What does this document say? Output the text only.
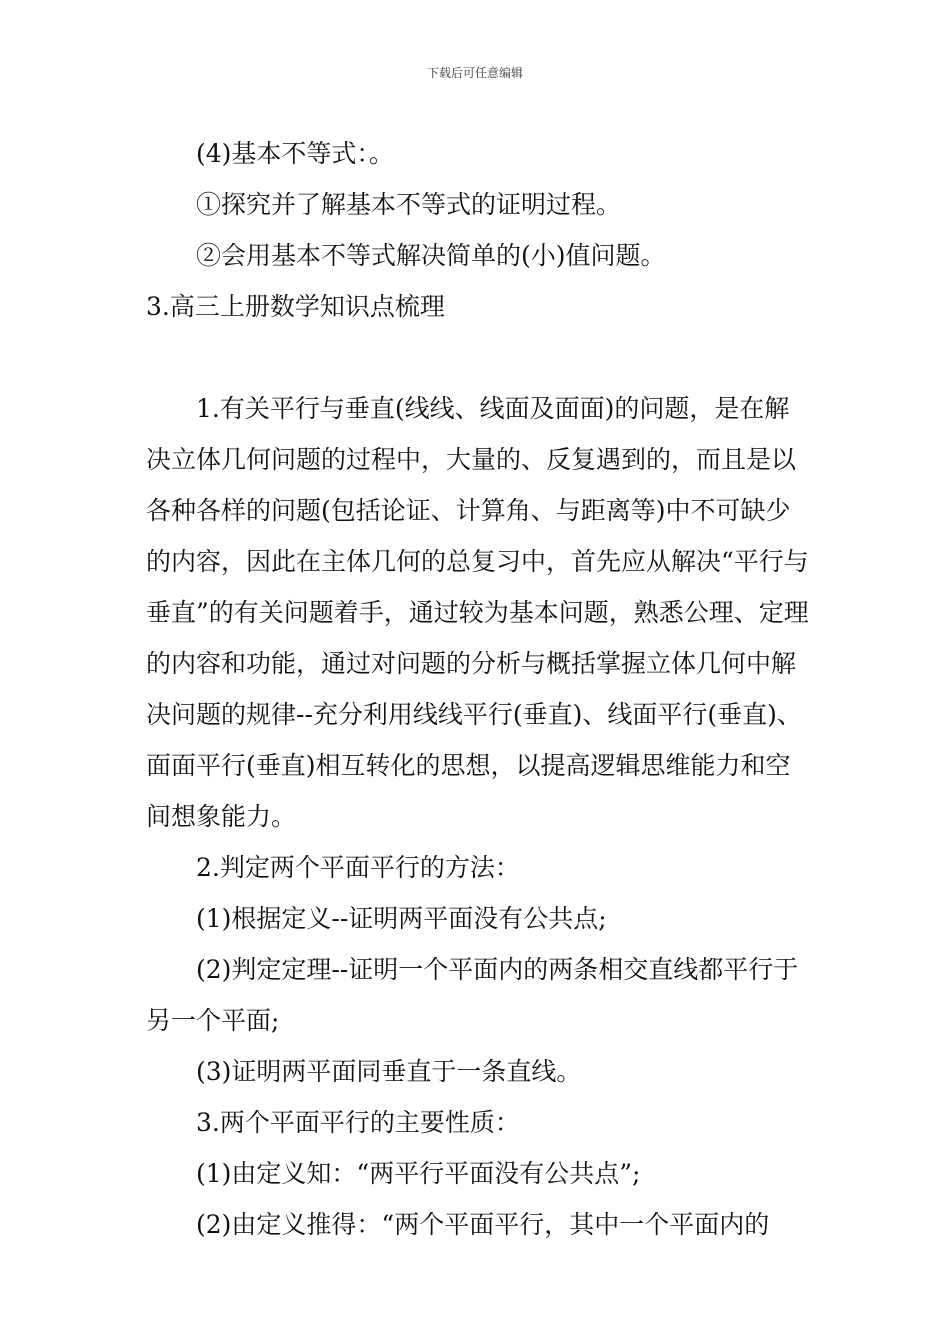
下载后可任意编辑

(4)基本不等式：。

①探究并了解基本不等式的证明过程。

②会用基本不等式解决简单的(小)值问题。

3.高三上册数学知识点梳理

1.有关平行与垂直(线线、线面及面面)的问题，是在解决立体几何问题的过程中，大量的、反复遇到的，而且是以各种各样的问题(包括论证、计算角、与距离等)中不可缺少的内容，因此在主体几何的总复习中，首先应从解决“平行与垂直”的有关问题着手，通过较为基本问题，熟悉公理、定理的内容和功能，通过对问题的分析与概括掌握立体几何中解决问题的规律--充分利用线线平行(垂直)、线面平行(垂直)、面面平行(垂直)相互转化的思想，以提高逻辑思维能力和空间想象能力。

2.判定两个平面平行的方法：

(1)根据定义--证明两平面没有公共点;

(2)判定定理--证明一个平面内的两条相交直线都平行于另一个平面;

(3)证明两平面同垂直于一条直线。

3.两个平面平行的主要性质：

(1)由定义知：“两平行平面没有公共点”;

(2)由定义推得：“两个平面平行，其中一个平面内的
